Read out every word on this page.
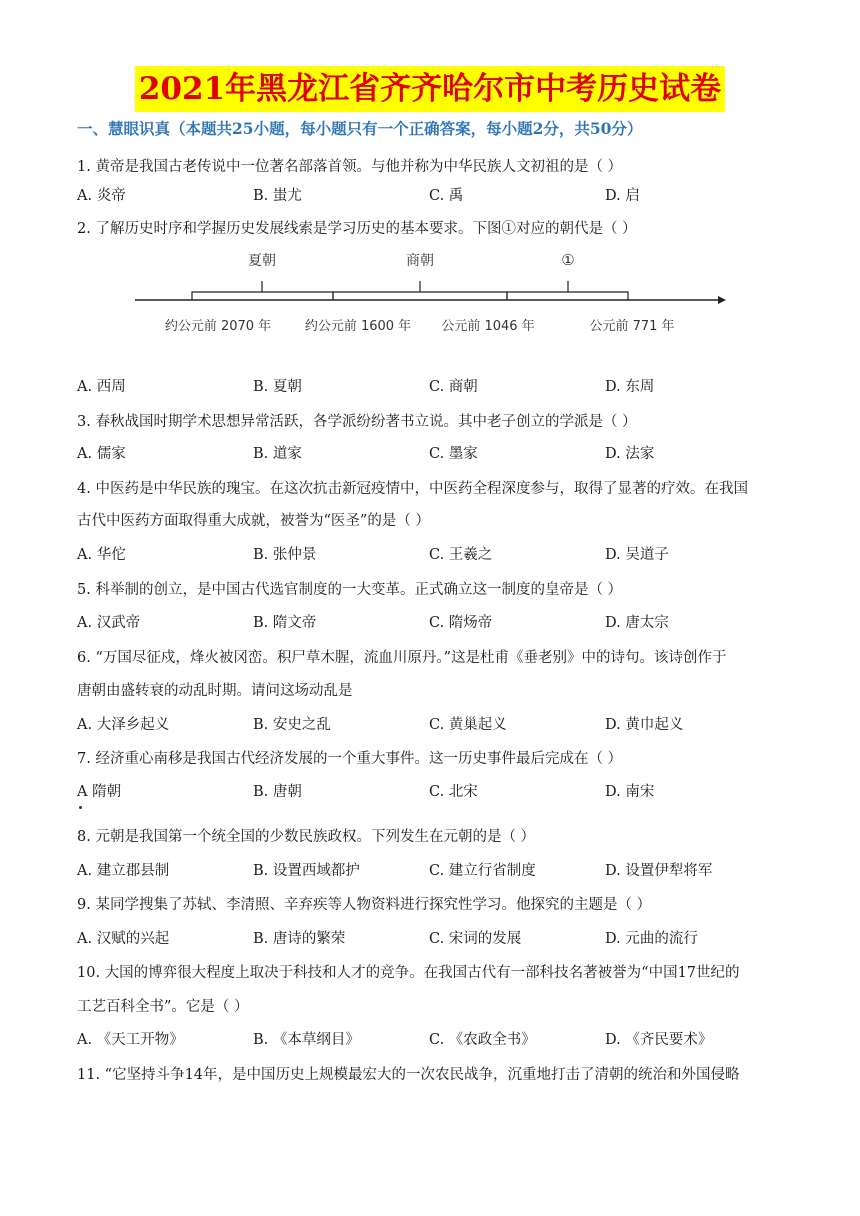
2021年黑龙江省齐齐哈尔市中考历史试卷
一、慧眼识真（本题共25小题，每小题只有一个正确答案，每小题2分，共50分）
1. 黄帝是我国古老传说中一位著名部落首领。与他并称为中华民族人文初祖的是（ ）
A. 炎帝	B. 蚩尤	C. 禹	D. 启
2. 了解历史时序和学握历史发展线索是学习历史的基本要求。下图①对应的朝代是（ ）
夏朝	商朝	①
约公元前 2070 年	约公元前 1600 年 公元前 1046 年	公元前 771 年
A. 西周	B. 夏朝	C. 商朝	D. 东周
3. 春秋战国时期学术思想异常活跃，各学派纷纷著书立说。其中老子创立的学派是（ ）
A. 儒家	B. 道家	C. 墨家	D. 法家
4. 中医药是中华民族的瑰宝。在这次抗击新冠疫情中，中医药全程深度参与，取得了显著的疗效。在我国
古代中医药方面取得重大成就，被誉为“医圣”的是（ ）
A. 华佗	B. 张仲景	C. 王羲之	D. 吴道子
5. 科举制的创立，是中国古代选官制度的一大变革。正式确立这一制度的皇帝是（ ）
A. 汉武帝	B. 隋文帝	C. 隋炀帝	D. 唐太宗
6. “万国尽征戍，烽火被冈峦。积尸草木腥，流血川原丹。”这是杜甫《垂老别》中的诗句。该诗创作于
唐朝由盛转衰的动乱时期。请问这场动乱是
A. 大泽乡起义	B. 安史之乱	C. 黄巢起义	D. 黄巾起义
7. 经济重心南移是我国古代经济发展的一个重大事件。这一历史事件最后完成在（ ）
A 隋朝	B. 唐朝	C. 北宋	D. 南宋
8. 元朝是我国第一个统全国的少数民族政权。下列发生在元朝的是（ ）
A. 建立郡县制	B. 设置西域都护	C. 建立行省制度	D. 设置伊犁将军
9. 某同学搜集了苏轼、李清照、辛弃疾等人物资料进行探究性学习。他探究的主题是（ ）
A. 汉赋的兴起	B. 唐诗的繁荣	C. 宋词的发展	D. 元曲的流行
10. 大国的博弈很大程度上取决于科技和人才的竞争。在我国古代有一部科技名著被誉为“中国17世纪的
工艺百科全书”。它是（ ）
A. 《天工开物》	B. 《本草纲目》	C. 《农政全书》	D. 《齐民要术》
11. “它坚持斗争14年，是中国历史上规模最宏大的一次农民战争，沉重地打击了清朝的统治和外国侵略
